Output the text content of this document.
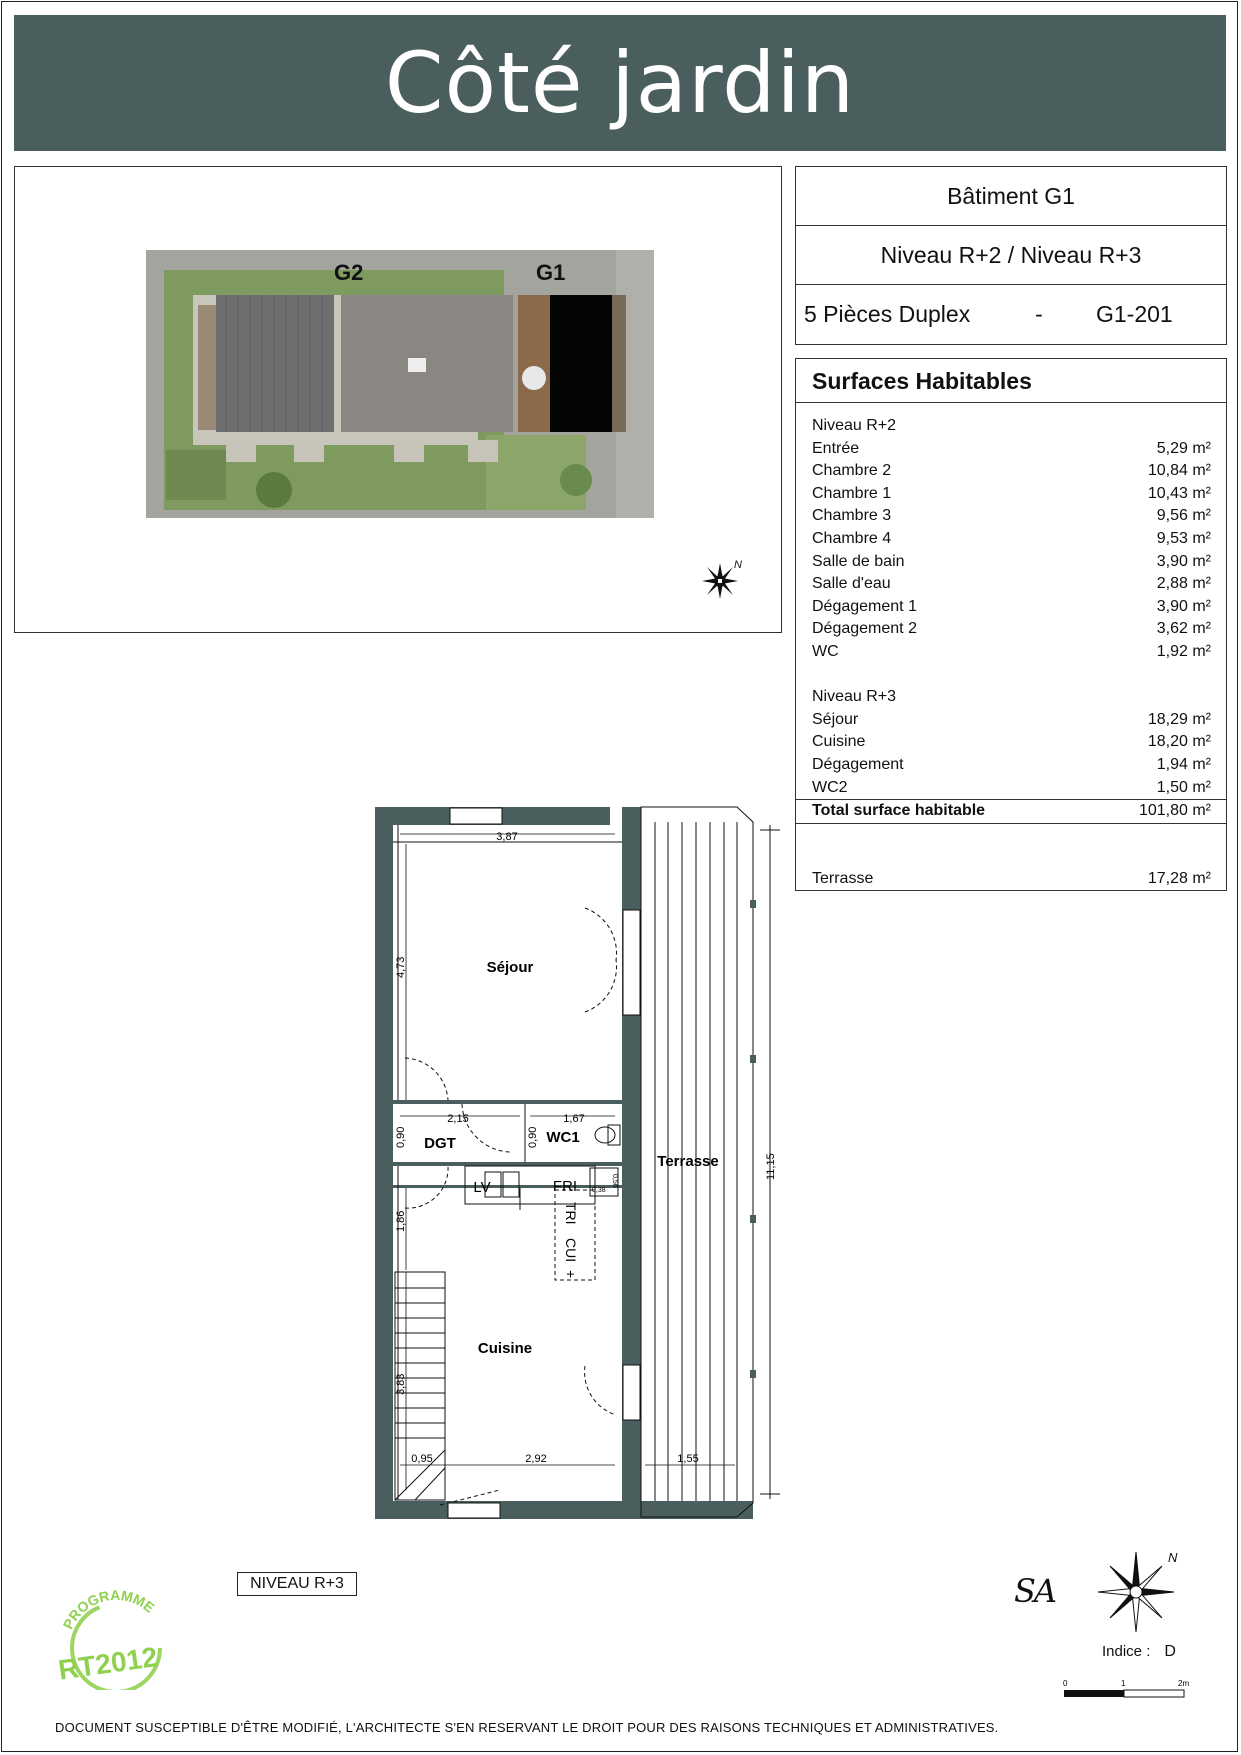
Côté jardin
G2	G1
N
Bâtiment G1
Niveau R+2 / Niveau R+3
5 Pièces Duplex	-	G1-201
Surfaces Habitables
Niveau R+2
Entrée	5,29 m²
Chambre 2	10,84 m²
Chambre 1	10,43 m²
Chambre 3	9,56 m²
Chambre 4	9,53 m²
Salle de bain	3,90 m²
Salle d'eau	2,88 m²
Dégagement 1	3,90 m²
Dégagement 2	3,62 m²
WC	1,92 m²
Niveau R+3
Séjour	18,29 m²
Cuisine	18,20 m²
Dégagement	1,94 m²
WC2	1,50 m²
Total surface habitable	101,80 m²
Terrasse	17,28 m²
Séjour
DGT	WC1
Cuisine
Terrasse
LV	FRI
TRI
CUI
+
3,87
4,73
2,15	1,67
0,90	0,90
1,86
3,83
0,95	2,92	1,55
11,15
0,38
0,56
NIVEAU R+3
PROGRAMME
RT2012
SA
N
Indice : D
0	1	2m
DOCUMENT SUSCEPTIBLE D'ÊTRE MODIFIÉ, L'ARCHITECTE S'EN RESERVANT LE DROIT POUR DES RAISONS TECHNIQUES ET ADMINISTRATIVES.
